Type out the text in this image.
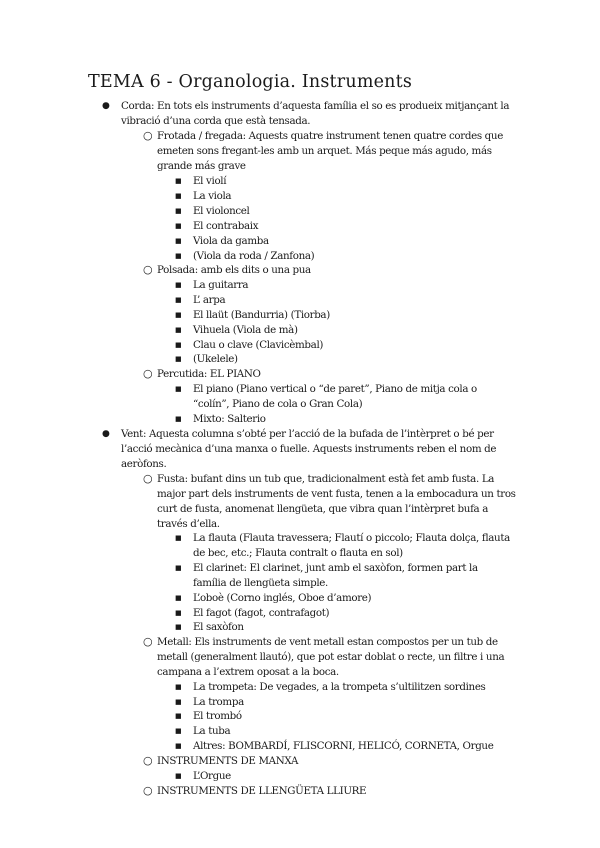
TEMA 6 - Organologia. Instruments
● Corda: En tots els instruments d’aquesta família el so es produeix mitjançant la
vibració d’una corda que està tensada.
○ Frotada / fregada: Aquests quatre instrument tenen quatre cordes que
emeten sons fregant-les amb un arquet. Más peque más agudo, más
grande más grave
■ El violí
■ La viola
■ El violoncel
■ El contrabaix
■ Viola da gamba
■ (Viola da roda / Zanfona)
○ Polsada: amb els dits o una pua
■ La guitarra
■ L’ arpa
■ El llaüt (Bandurria) (Tiorba)
■ Vihuela (Viola de mà)
■ Clau o clave (Clavicèmbal)
■ (Ukelele)
○ Percutida: EL PIANO
■ El piano (Piano vertical o “de paret”, Piano de mitja cola o
“colín”, Piano de cola o Gran Cola)
■ Mixto: Salterio
● Vent: Aquesta columna s’obté per l’acció de la bufada de l’intèrpret o bé per
l’acció mecànica d’una manxa o fuelle. Aquests instruments reben el nom de
aeròfons.
○ Fusta: bufant dins un tub que, tradicionalment està fet amb fusta. La
major part dels instruments de vent fusta, tenen a la embocadura un tros
curt de fusta, anomenat llengüeta, que vibra quan l’intèrpret bufa a
través d’ella.
■ La flauta (Flauta travessera; Flautí o piccolo; Flauta dolça, flauta
de bec, etc.; Flauta contralt o flauta en sol)
■ El clarinet: El clarinet, junt amb el saxòfon, formen part la
família de llengüeta simple.
■ L’oboè (Corno inglés, Oboe d’amore)
■ El fagot (fagot, contrafagot)
■ El saxòfon
○ Metall: Els instruments de vent metall estan compostos per un tub de
metall (generalment llautó), que pot estar doblat o recte, un filtre i una
campana a l’extrem oposat a la boca.
■ La trompeta: De vegades, a la trompeta s’ultilitzen sordines
■ La trompa
■ El trombó
■ La tuba
■ Altres: BOMBARDÍ, FLISCORNI, HELICÓ, CORNETA, Orgue
○ INSTRUMENTS DE MANXA
■ L’Orgue
○ INSTRUMENTS DE LLENGÜETA LLIURE
